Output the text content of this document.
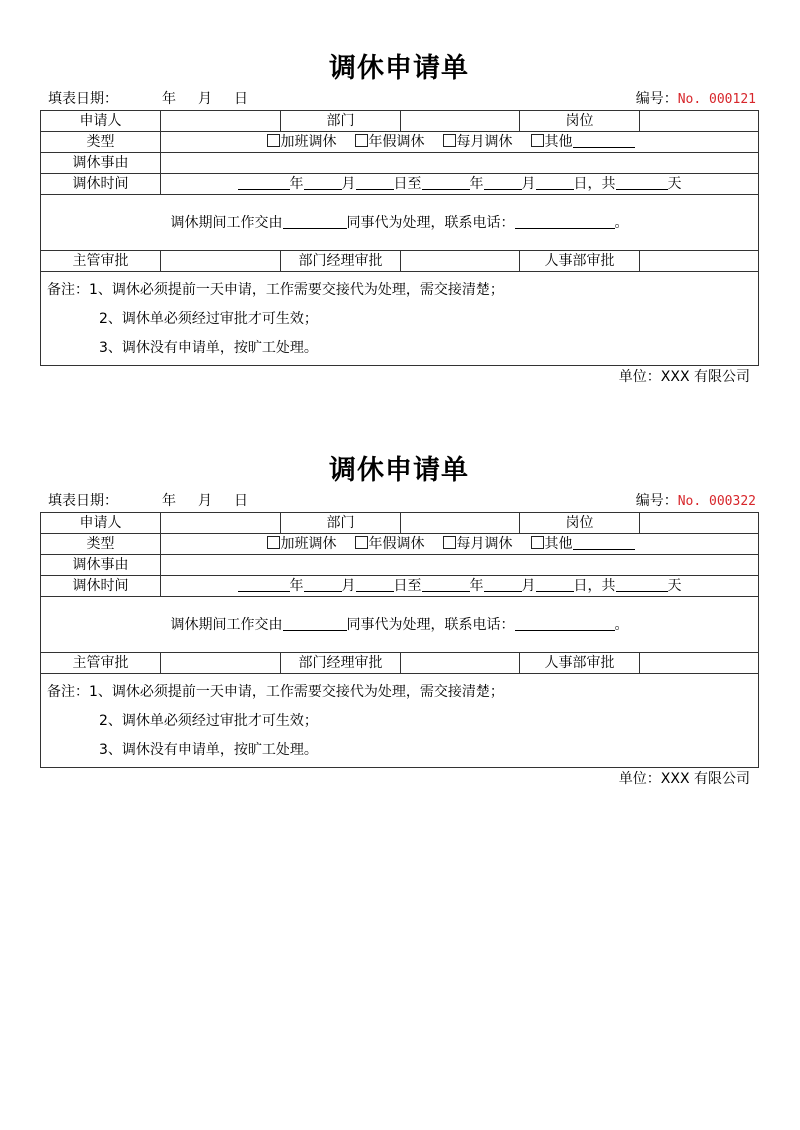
调休申请单
填表日期：	年 月 日	编号：No. 000121
申请人		部门		岗位	
类型	加班调休 年假调休 每月调休 其他				
调休事由					
调休时间	年 月 日至 年 月 日，共 天				
调休期间工作交由 同事代为处理，联系电话： 。					
主管审批		部门经理审批		人事部审批	

备注：1、调休必须提前一天申请，工作需要交接代为处理，需交接清楚；
2、调休单必须经过审批才可生效；
3、调休没有申请单，按旷工处理。					
单位：XXX 有限公司
调休申请单
填表日期：	年 月 日	编号：No. 000322
申请人		部门		岗位	
类型	加班调休 年假调休 每月调休 其他				
调休事由					
调休时间	年 月 日至 年 月 日，共 天				
调休期间工作交由 同事代为处理，联系电话： 。					
主管审批		部门经理审批		人事部审批	

备注：1、调休必须提前一天申请，工作需要交接代为处理，需交接清楚；
2、调休单必须经过审批才可生效；
3、调休没有申请单，按旷工处理。					
单位：XXX 有限公司
